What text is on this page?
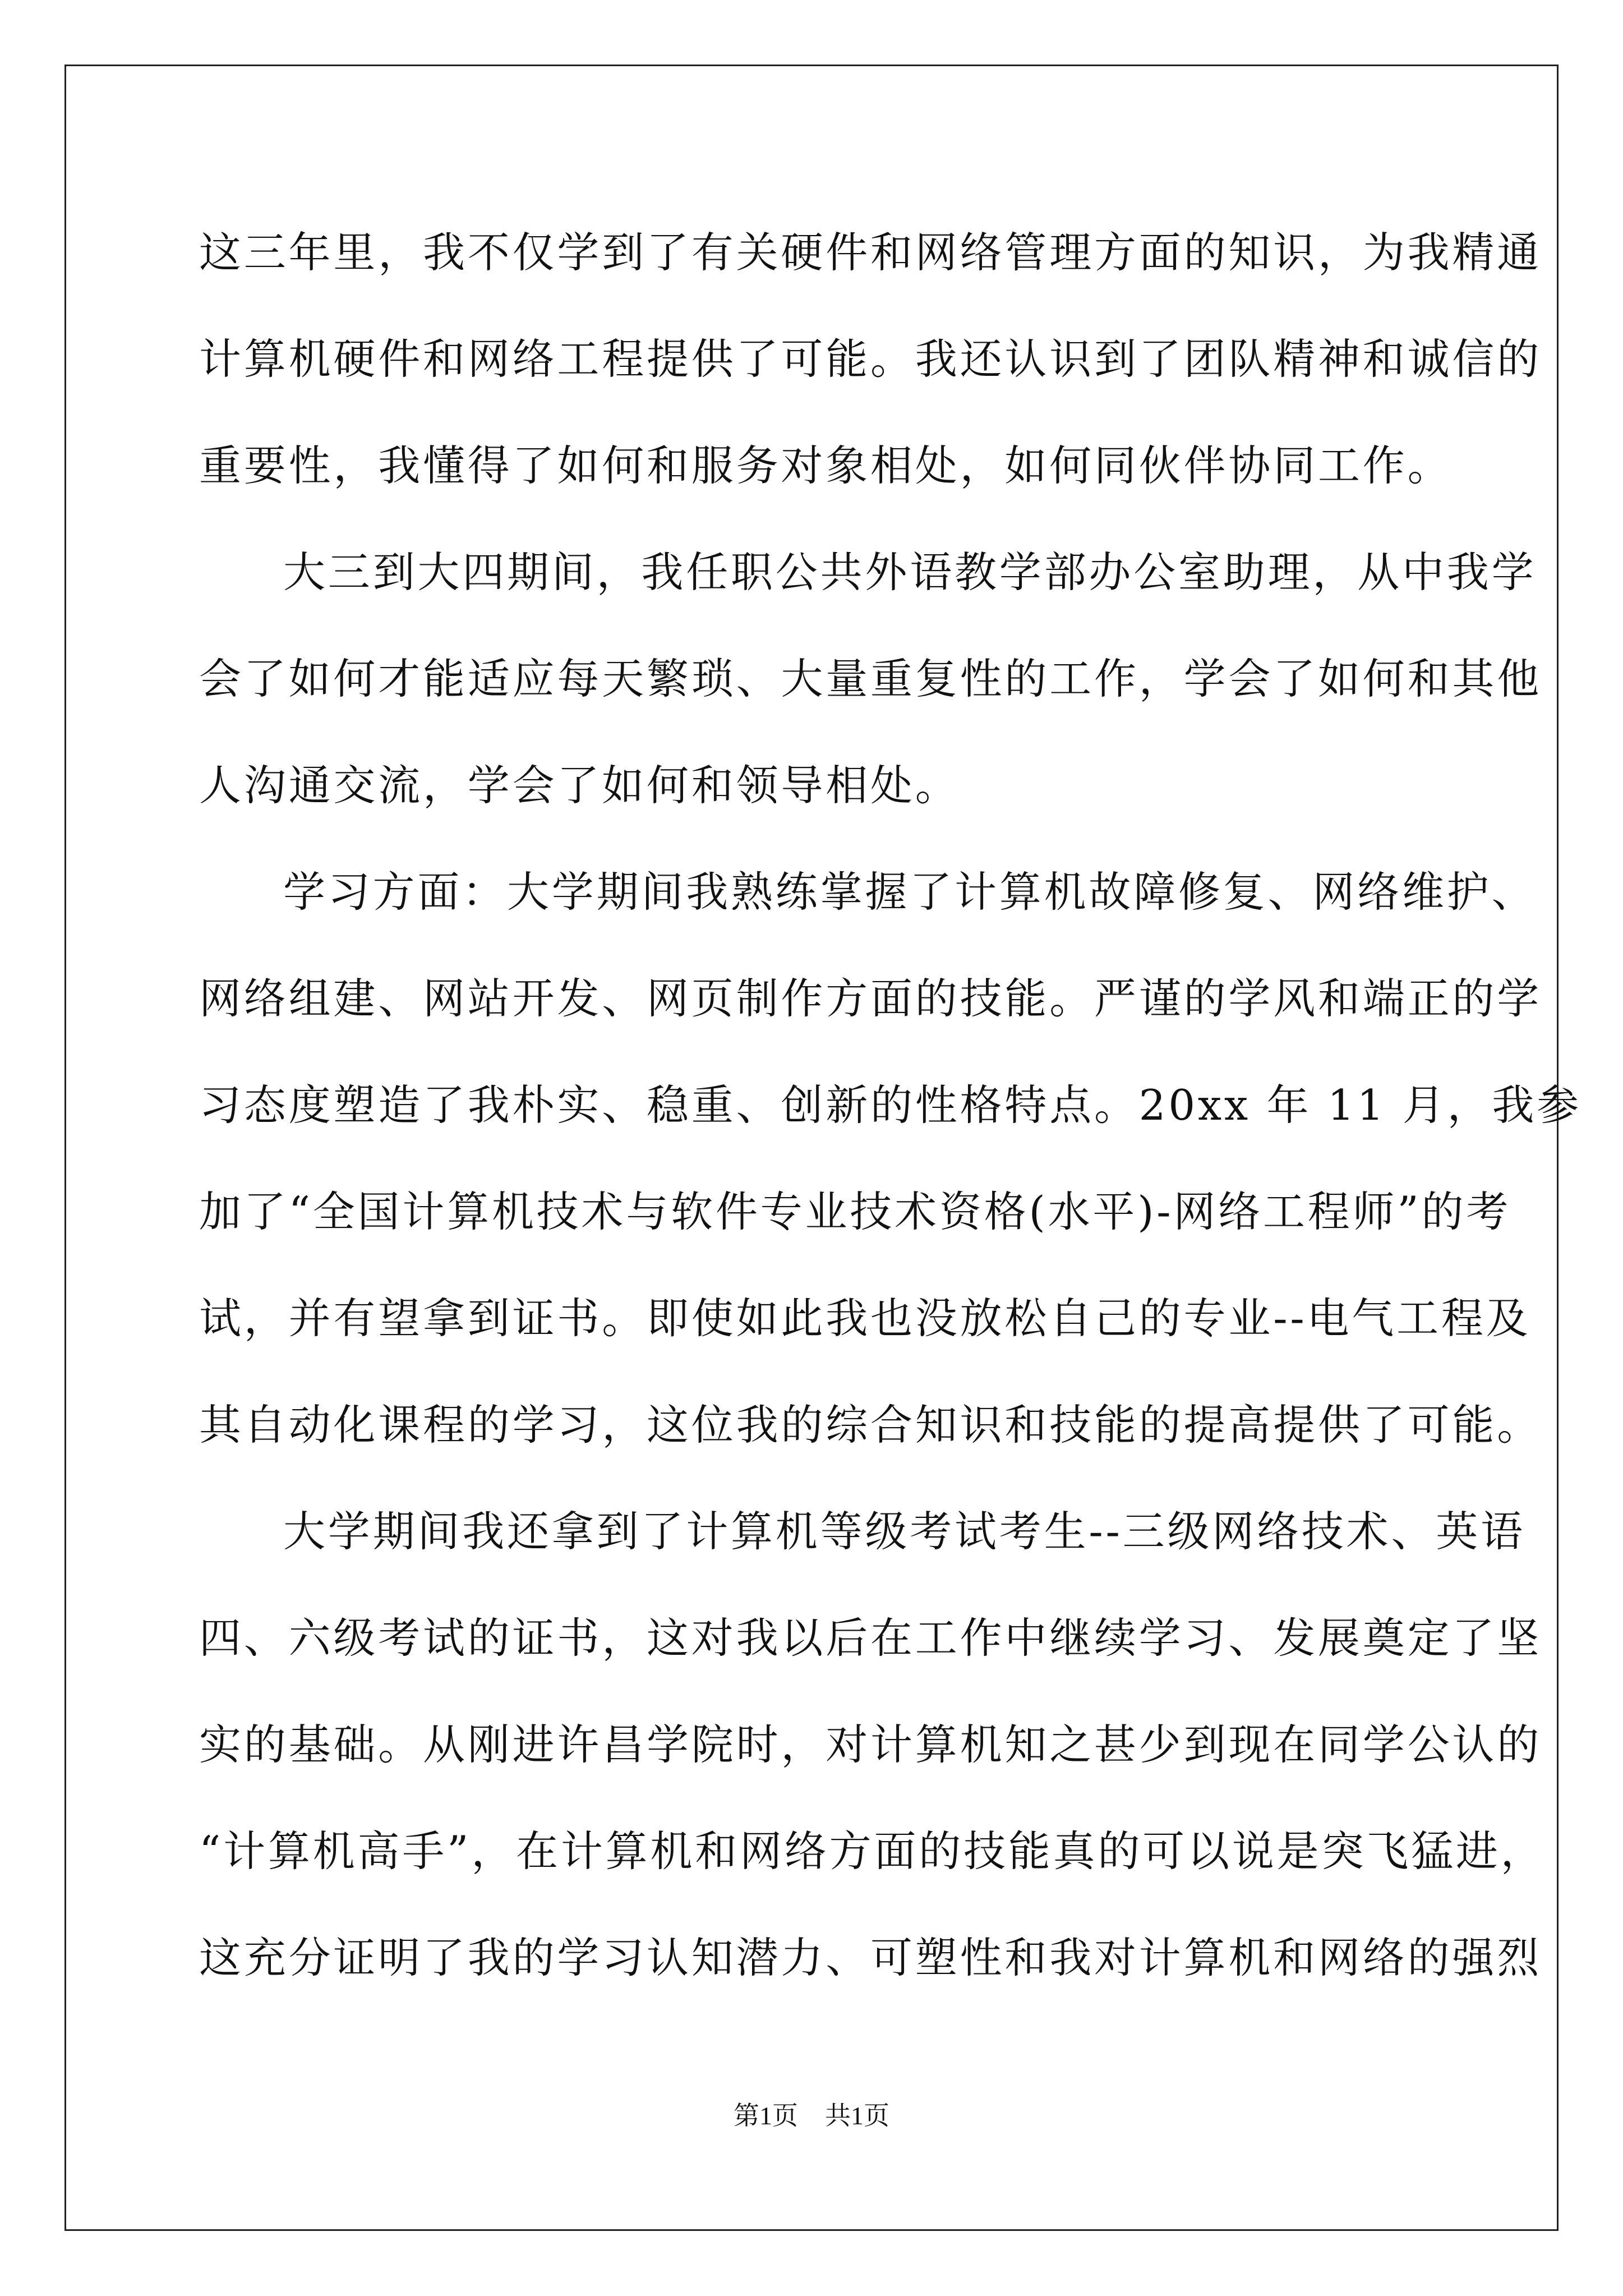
这三年里，我不仅学到了有关硬件和网络管理方面的知识，为我精通
计算机硬件和网络工程提供了可能。我还认识到了团队精神和诚信的
重要性，我懂得了如何和服务对象相处，如何同伙伴协同工作。
大三到大四期间，我任职公共外语教学部办公室助理，从中我学
会了如何才能适应每天繁琐、大量重复性的工作，学会了如何和其他
人沟通交流，学会了如何和领导相处。
学习方面：大学期间我熟练掌握了计算机故障修复、网络维护、
网络组建、网站开发、网页制作方面的技能。严谨的学风和端正的学
习态度塑造了我朴实、稳重、创新的性格特点。20xx 年 11 月，我参
加了“全国计算机技术与软件专业技术资格(水平)-网络工程师”的考
试，并有望拿到证书。即使如此我也没放松自己的专业--电气工程及
其自动化课程的学习，这位我的综合知识和技能的提高提供了可能。
大学期间我还拿到了计算机等级考试考生--三级网络技术、英语
四、六级考试的证书，这对我以后在工作中继续学习、发展奠定了坚
实的基础。从刚进许昌学院时，对计算机知之甚少到现在同学公认的
“计算机高手”，在计算机和网络方面的技能真的可以说是突飞猛进，
这充分证明了我的学习认知潜力、可塑性和我对计算机和网络的强烈
第1页 共1页
